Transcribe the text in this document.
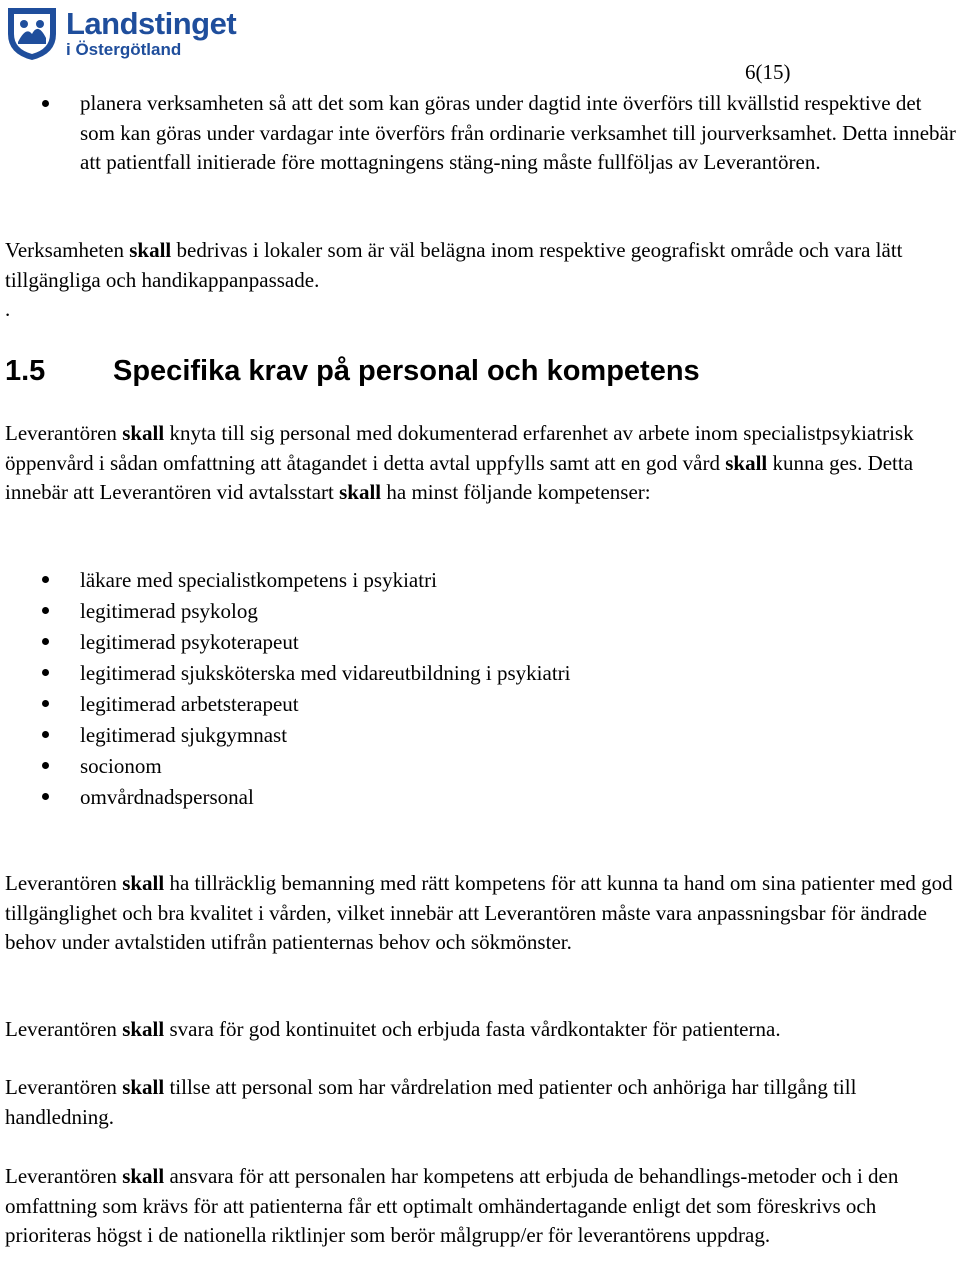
Landstinget
i Östergötland
6(15)
planera verksamheten så att det som kan göras under dagtid inte överförs till kvällstid respektive det som kan göras under vardagar inte överförs från ordinarie verksamhet till jourverksamhet. Detta innebär att patientfall initierade före mottagningens stäng-ning måste fullföljas av Leverantören.
Verksamheten skall bedrivas i lokaler som är väl belägna inom respektive geografiskt område och vara lätt tillgängliga och handikappanpassade.
.
1.5 Specifika krav på personal och kompetens
Leverantören skall knyta till sig personal med dokumenterad erfarenhet av arbete inom specialistpsykiatrisk öppenvård i sådan omfattning att åtagandet i detta avtal uppfylls samt att en god vård skall kunna ges. Detta innebär att Leverantören vid avtalsstart skall ha minst följande kompetenser:
läkare med specialistkompetens i psykiatri
legitimerad psykolog
legitimerad psykoterapeut
legitimerad sjuksköterska med vidareutbildning i psykiatri
legitimerad arbetsterapeut
legitimerad sjukgymnast
socionom
omvårdnadspersonal
Leverantören skall ha tillräcklig bemanning med rätt kompetens för att kunna ta hand om sina patienter med god tillgänglighet och bra kvalitet i vården, vilket innebär att Leverantören måste vara anpassningsbar för ändrade behov under avtalstiden utifrån patienternas behov och sökmönster.
Leverantören skall svara för god kontinuitet och erbjuda fasta vårdkontakter för patienterna.
Leverantören skall tillse att personal som har vårdrelation med patienter och anhöriga har tillgång till handledning.
Leverantören skall ansvara för att personalen har kompetens att erbjuda de behandlings-metoder och i den omfattning som krävs för att patienterna får ett optimalt omhändertagande enligt det som föreskrivs och prioriteras högst i de nationella riktlinjer som berör målgrupp/er för leverantörens uppdrag.
